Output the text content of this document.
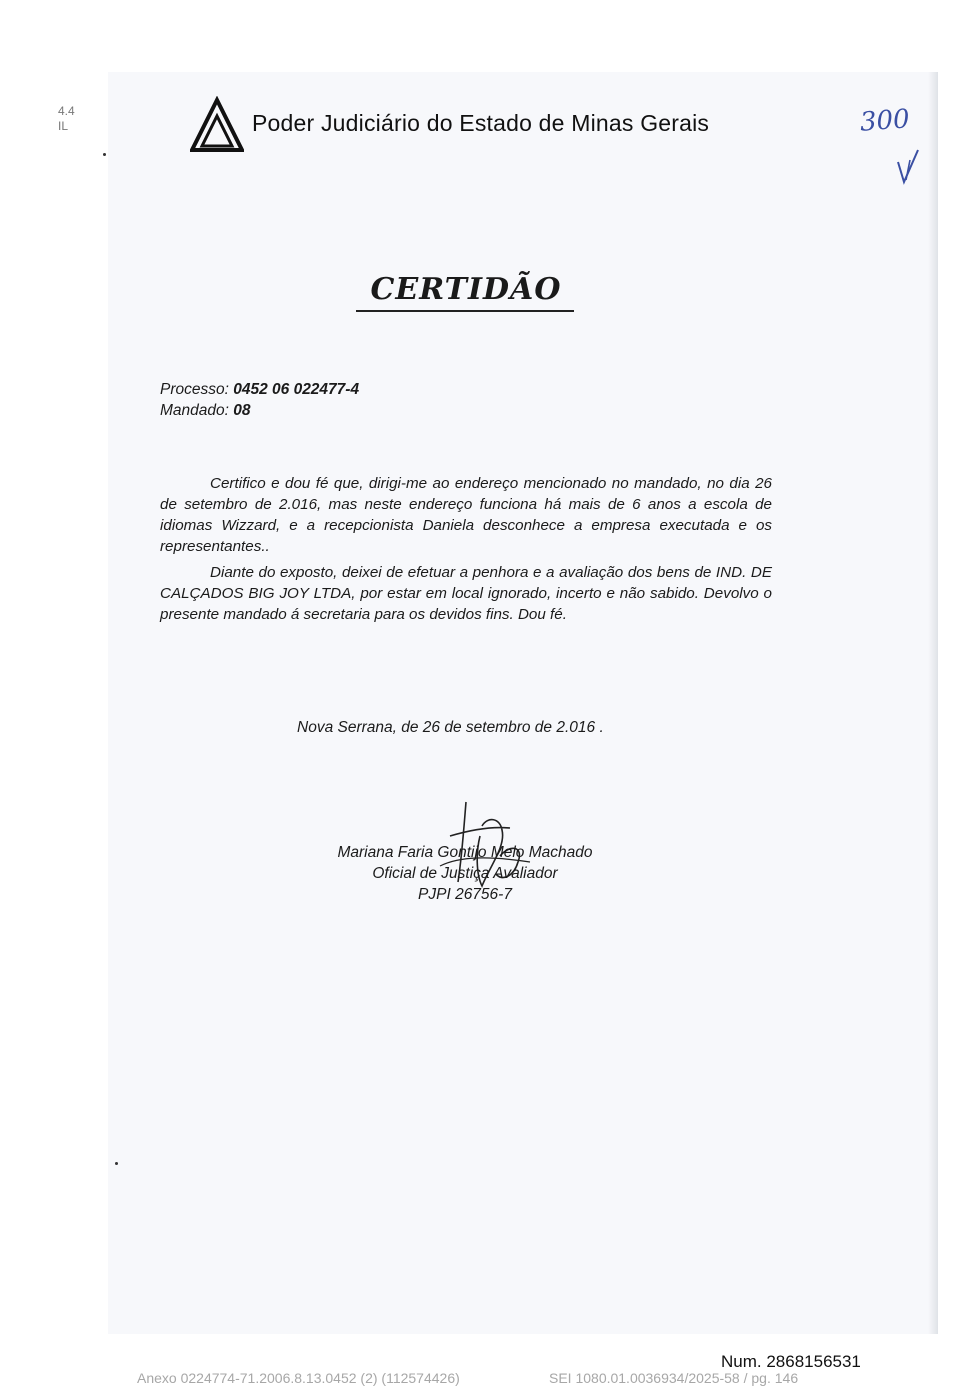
4.4
IL	Poder Judiciário do Estado de Minas Gerais	300
CERTIDÃO
Processo: 0452 06 022477-4
Mandado: 08

Certifico e dou fé que, dirigi-me ao endereço mencionado no mandado, no dia 26 de setembro de 2.016, mas neste endereço funciona há mais de 6 anos a escola de idiomas Wizzard, e a recepcionista Daniela desconhece a empresa executada e os representantes..

Diante do exposto, deixei de efetuar a penhora e a avaliação dos bens de IND. DE CALÇADOS BIG JOY LTDA, por estar em local ignorado, incerto e não sabido. Devolvo o presente mandado á secretaria para os devidos fins. Dou fé.

Nova Serrana, de 26 de setembro de 2.016 .
Mariana Faria Gontijo Melo Machado
Oficial de Justiça Avaliador
PJPI 26756-7
Num. 2868156531
Anexo 0224774-71.2006.8.13.0452 (2) (112574426)	SEI 1080.01.0036934/2025-58 / pg. 146
